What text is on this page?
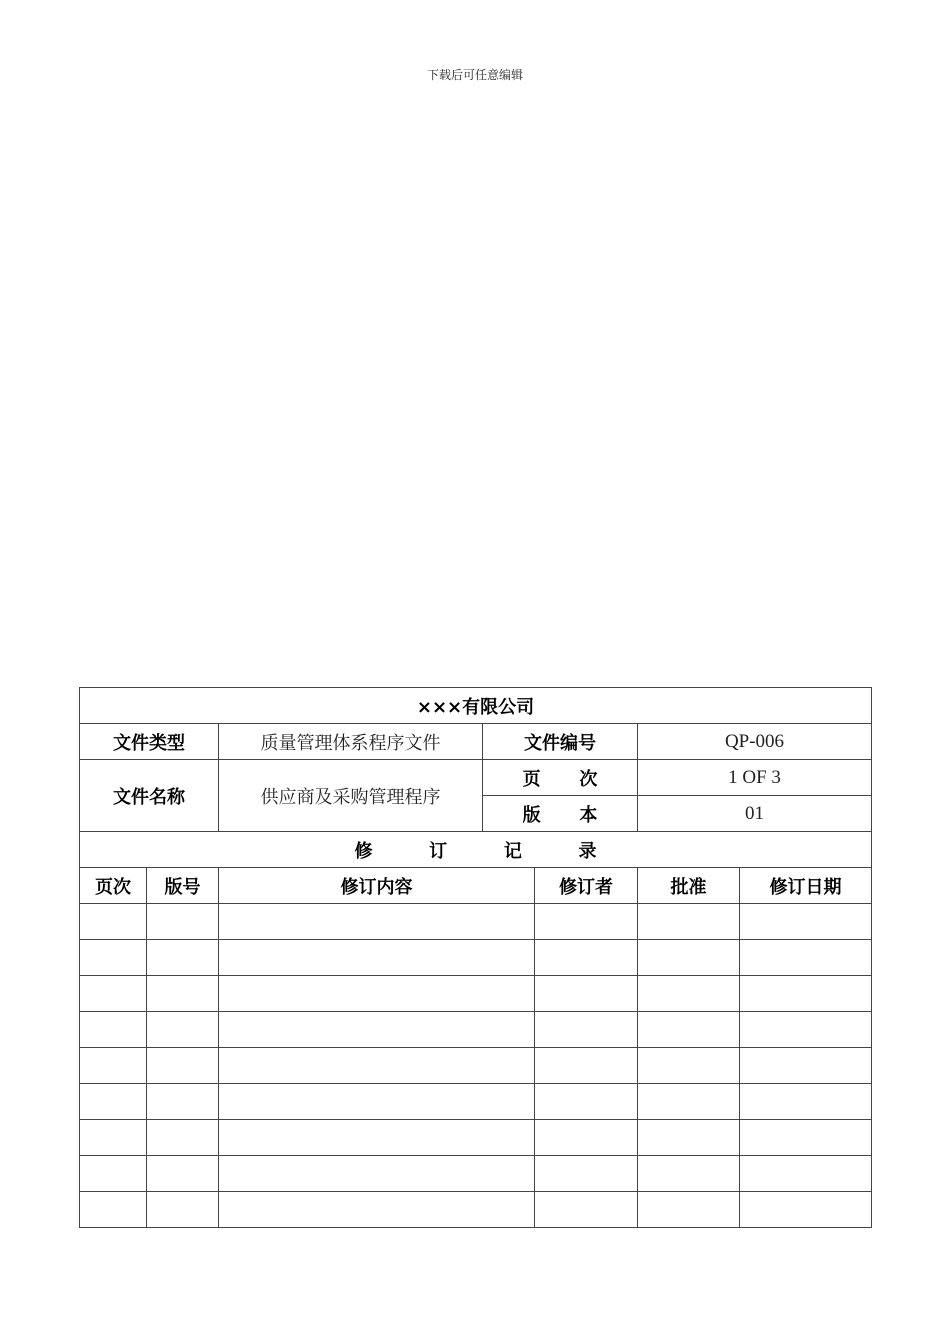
下载后可任意编辑
×××有限公司						
文件类型		质量管理体系程序文件	文件编号		QP-006	
文件名称		供应商及采购管理程序	页 次		1 OF 3	
			版 本		01	
修 订 记 录						
页次	版号	修订内容		修订者	批准	修订日期
